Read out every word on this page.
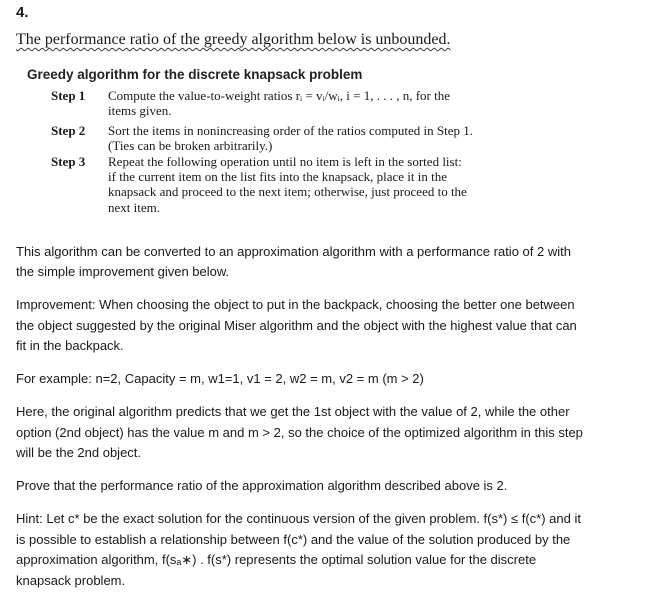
4.
The performance ratio of the greedy algorithm below is unbounded.
Greedy algorithm for the discrete knapsack problem
Step 1 Compute the value-to-weight ratios rᵢ = vᵢ/wᵢ, i = 1, . . . , n, for the
items given.
Step 2 Sort the items in nonincreasing order of the ratios computed in Step 1.
(Ties can be broken arbitrarily.)
Step 3 Repeat the following operation until no item is left in the sorted list:
if the current item on the list fits into the knapsack, place it in the
knapsack and proceed to the next item; otherwise, just proceed to the
next item.
This algorithm can be converted to an approximation algorithm with a performance ratio of 2 with
the simple improvement given below.
Improvement: When choosing the object to put in the backpack, choosing the better one between
the object suggested by the original Miser algorithm and the object with the highest value that can
fit in the backpack.
For example: n=2, Capacity = m, w1=1, v1 = 2, w2 = m, v2 = m (m > 2)
Here, the original algorithm predicts that we get the 1st object with the value of 2, while the other
option (2nd object) has the value m and m > 2, so the choice of the optimized algorithm in this step
will be the 2nd object.
Prove that the performance ratio of the approximation algorithm described above is 2.
Hint: Let c* be the exact solution for the continuous version of the given problem. f(s*) ≤ f(c*) and it
is possible to establish a relationship between f(c*) and the value of the solution produced by the
approximation algorithm, f(sₐ∗) . f(s*) represents the optimal solution value for the discrete
knapsack problem.
